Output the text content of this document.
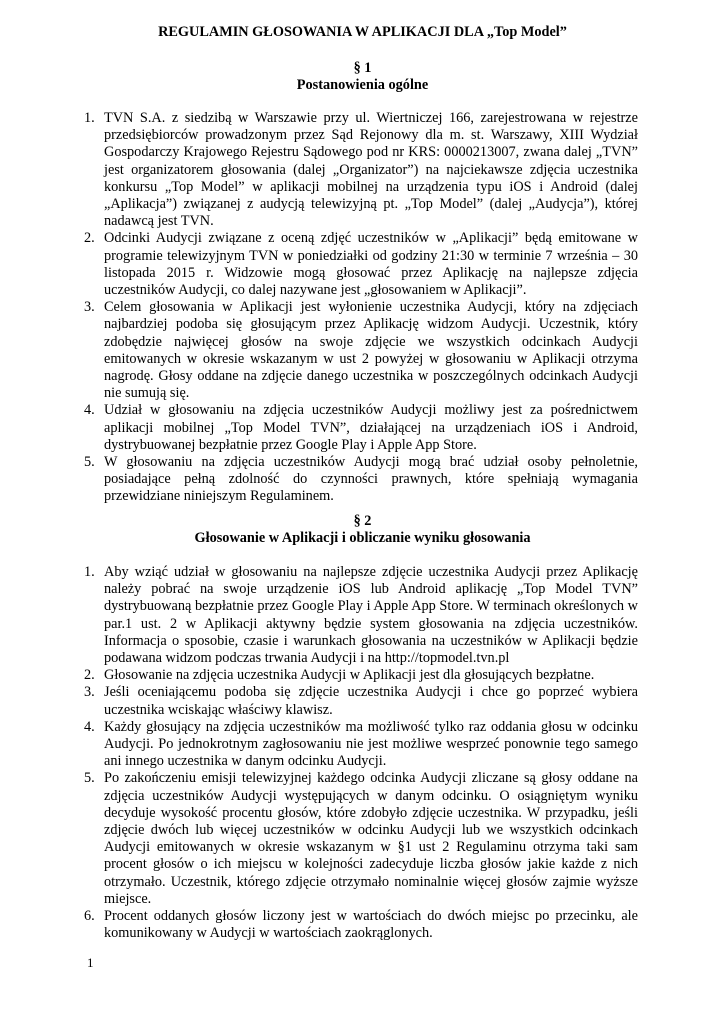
REGULAMIN GŁOSOWANIA W APLIKACJI DLA „Top Model”
§ 1
Postanowienia ogólne
1. TVN S.A. z siedzibą w Warszawie przy ul. Wiertniczej 166, zarejestrowana w rejestrze przedsiębiorców prowadzonym przez Sąd Rejonowy dla m. st. Warszawy, XIII Wydział Gospodarczy Krajowego Rejestru Sądowego pod nr KRS: 0000213007, zwana dalej „TVN” jest organizatorem głosowania (dalej „Organizator”) na najciekawsze zdjęcia uczestnika konkursu „Top Model” w aplikacji mobilnej na urządzenia typu iOS i Android (dalej „Aplikacja”) związanej z audycją telewizyjną pt. „Top Model” (dalej „Audycja”), której nadawcą jest TVN.
2. Odcinki Audycji związane z oceną zdjęć uczestników w „Aplikacji” będą emitowane w programie telewizyjnym TVN w poniedziałki od godziny 21:30 w terminie 7 września – 30 listopada 2015 r. Widzowie mogą głosować przez Aplikację na najlepsze zdjęcia uczestników Audycji, co dalej nazywane jest „głosowaniem w Aplikacji”.
3. Celem głosowania w Aplikacji jest wyłonienie uczestnika Audycji, który na zdjęciach najbardziej podoba się głosującym przez Aplikację widzom Audycji. Uczestnik, który zdobędzie najwięcej głosów na swoje zdjęcie we wszystkich odcinkach Audycji emitowanych w okresie wskazanym w ust 2 powyżej w głosowaniu w Aplikacji otrzyma nagrodę. Głosy oddane na zdjęcie danego uczestnika w poszczególnych odcinkach Audycji nie sumują się.
4. Udział w głosowaniu na zdjęcia uczestników Audycji możliwy jest za pośrednictwem aplikacji mobilnej „Top Model TVN”, działającej na urządzeniach iOS i Android, dystrybuowanej bezpłatnie przez Google Play i Apple App Store.
5. W głosowaniu na zdjęcia uczestników Audycji mogą brać udział osoby pełnoletnie, posiadające pełną zdolność do czynności prawnych, które spełniają wymagania przewidziane niniejszym Regulaminem.
§ 2
Głosowanie w Aplikacji i obliczanie wyniku głosowania
1. Aby wziąć udział w głosowaniu na najlepsze zdjęcie uczestnika Audycji przez Aplikację należy pobrać na swoje urządzenie iOS lub Android aplikację „Top Model TVN” dystrybuowaną bezpłatnie przez Google Play i Apple App Store. W terminach określonych w par.1 ust. 2 w Aplikacji aktywny będzie system głosowania na zdjęcia uczestników. Informacja o sposobie, czasie i warunkach głosowania na uczestników w Aplikacji będzie podawana widzom podczas trwania Audycji i na http://topmodel.tvn.pl
2. Głosowanie na zdjęcia uczestnika Audycji w Aplikacji jest dla głosujących bezpłatne.
3. Jeśli oceniającemu podoba się zdjęcie uczestnika Audycji i chce go poprzeć wybiera uczestnika wciskając właściwy klawisz.
4. Każdy głosujący na zdjęcia uczestników ma możliwość tylko raz oddania głosu w odcinku Audycji. Po jednokrotnym zagłosowaniu nie jest możliwe wesprzeć ponownie tego samego ani innego uczestnika w danym odcinku Audycji.
5. Po zakończeniu emisji telewizyjnej każdego odcinka Audycji zliczane są głosy oddane na zdjęcia uczestników Audycji występujących w danym odcinku. O osiągniętym wyniku decyduje wysokość procentu głosów, które zdobyło zdjęcie uczestnika. W przypadku, jeśli zdjęcie dwóch lub więcej uczestników w odcinku Audycji lub we wszystkich odcinkach Audycji emitowanych w okresie wskazanym w §1 ust 2 Regulaminu otrzyma taki sam procent głosów o ich miejscu w kolejności zadecyduje liczba głosów jakie każde z nich otrzymało. Uczestnik, którego zdjęcie otrzymało nominalnie więcej głosów zajmie wyższe miejsce.
6. Procent oddanych głosów liczony jest w wartościach do dwóch miejsc po przecinku, ale komunikowany w Audycji w wartościach zaokrąglonych.
1
